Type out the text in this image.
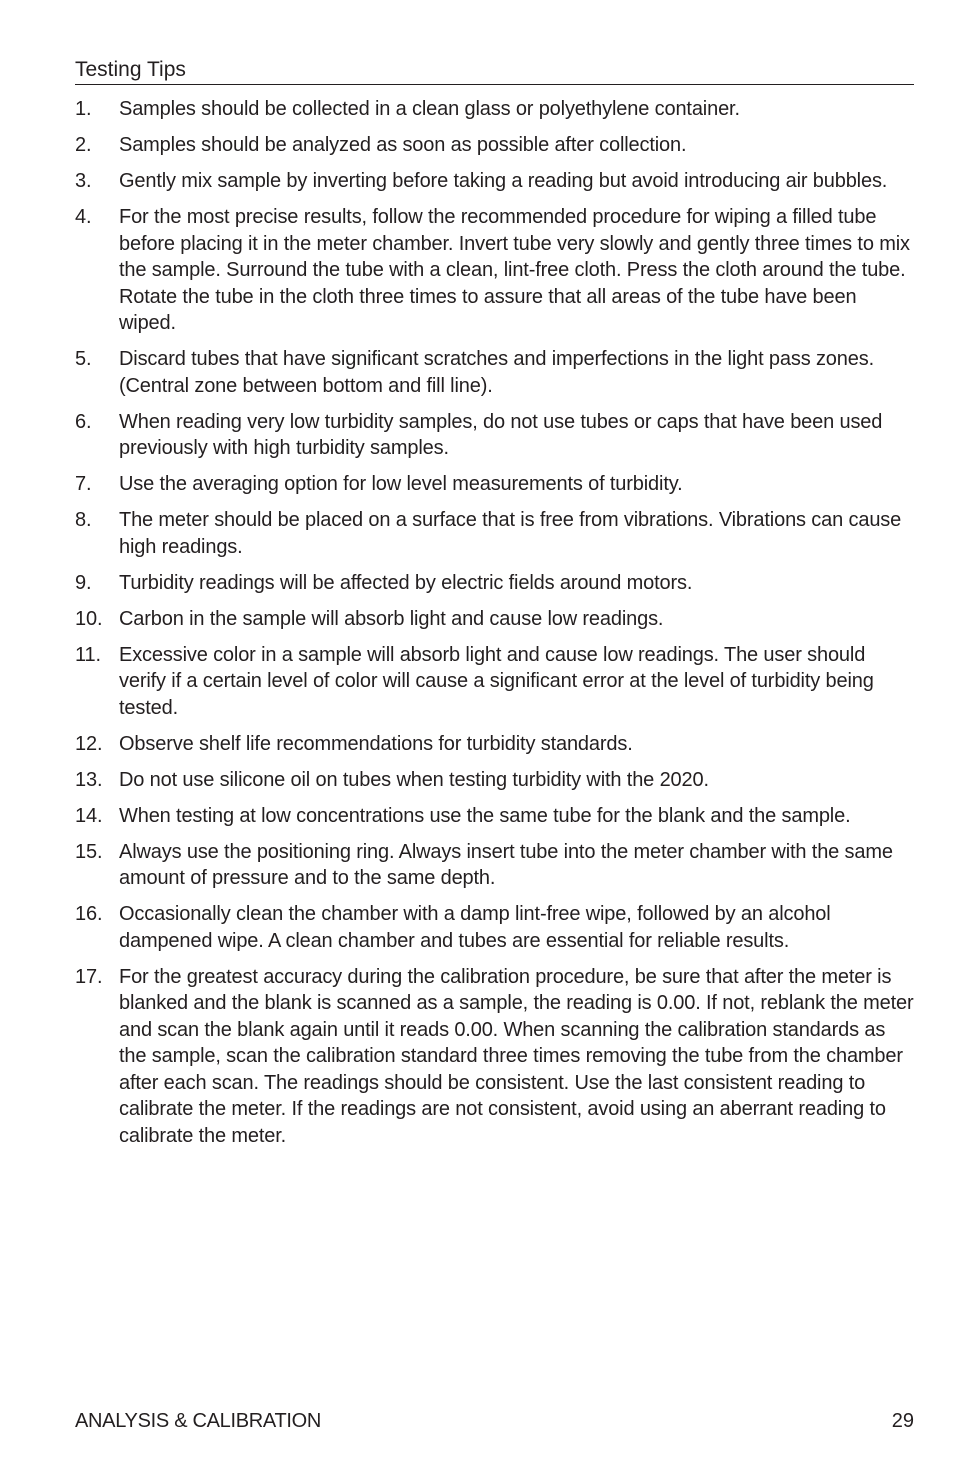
Testing Tips
1.	Samples should be collected in a clean glass or polyethylene container.
2.	Samples should be analyzed as soon as possible after collection.
3.	Gently mix sample by inverting before taking a reading but avoid introducing air bubbles.
4.	For the most precise results, follow the recommended procedure for wiping a filled tube before placing it in the meter chamber. Invert tube very slowly and gently three times to mix the sample. Surround the tube with a clean, lint-free cloth. Press the cloth around the tube. Rotate the tube in the cloth three times to assure that all areas of the tube have been wiped.
5.	Discard tubes that have significant scratches and imperfections in the light pass zones. (Central zone between bottom and fill line).
6.	When reading very low turbidity samples, do not use tubes or caps that have been used previously with high turbidity samples.
7.	Use the averaging option for low level measurements of turbidity.
8.	The meter should be placed on a surface that is free from vibrations. Vibrations can cause high readings.
9.	Turbidity readings will be affected by electric fields around motors.
10. Carbon in the sample will absorb light and cause low readings.
11. Excessive color in a sample will absorb light and cause low readings. The user should verify if a certain level of color will cause a significant error at the level of turbidity being tested.
12. Observe shelf life recommendations for turbidity standards.
13. Do not use silicone oil on tubes when testing turbidity with the 2020.
14. When testing at low concentrations use the same tube for the blank and the sample.
15. Always use the positioning ring. Always insert tube into the meter chamber with the same amount of pressure and to the same depth.
16. Occasionally clean the chamber with a damp lint-free wipe, followed by an alcohol dampened wipe. A clean chamber and tubes are essential for reliable results.
17. For the greatest accuracy during the calibration procedure, be sure that after the meter is blanked and the blank is scanned as a sample, the reading is 0.00. If not, reblank the meter and scan the blank again until it reads 0.00. When scanning the calibration standards as the sample, scan the calibration standard three times removing the tube from the chamber after each scan. The readings should be consistent. Use the last consistent reading to calibrate the meter. If the readings are not consistent, avoid using an aberrant reading to calibrate the meter.
ANALYSIS & CALIBRATION	29
